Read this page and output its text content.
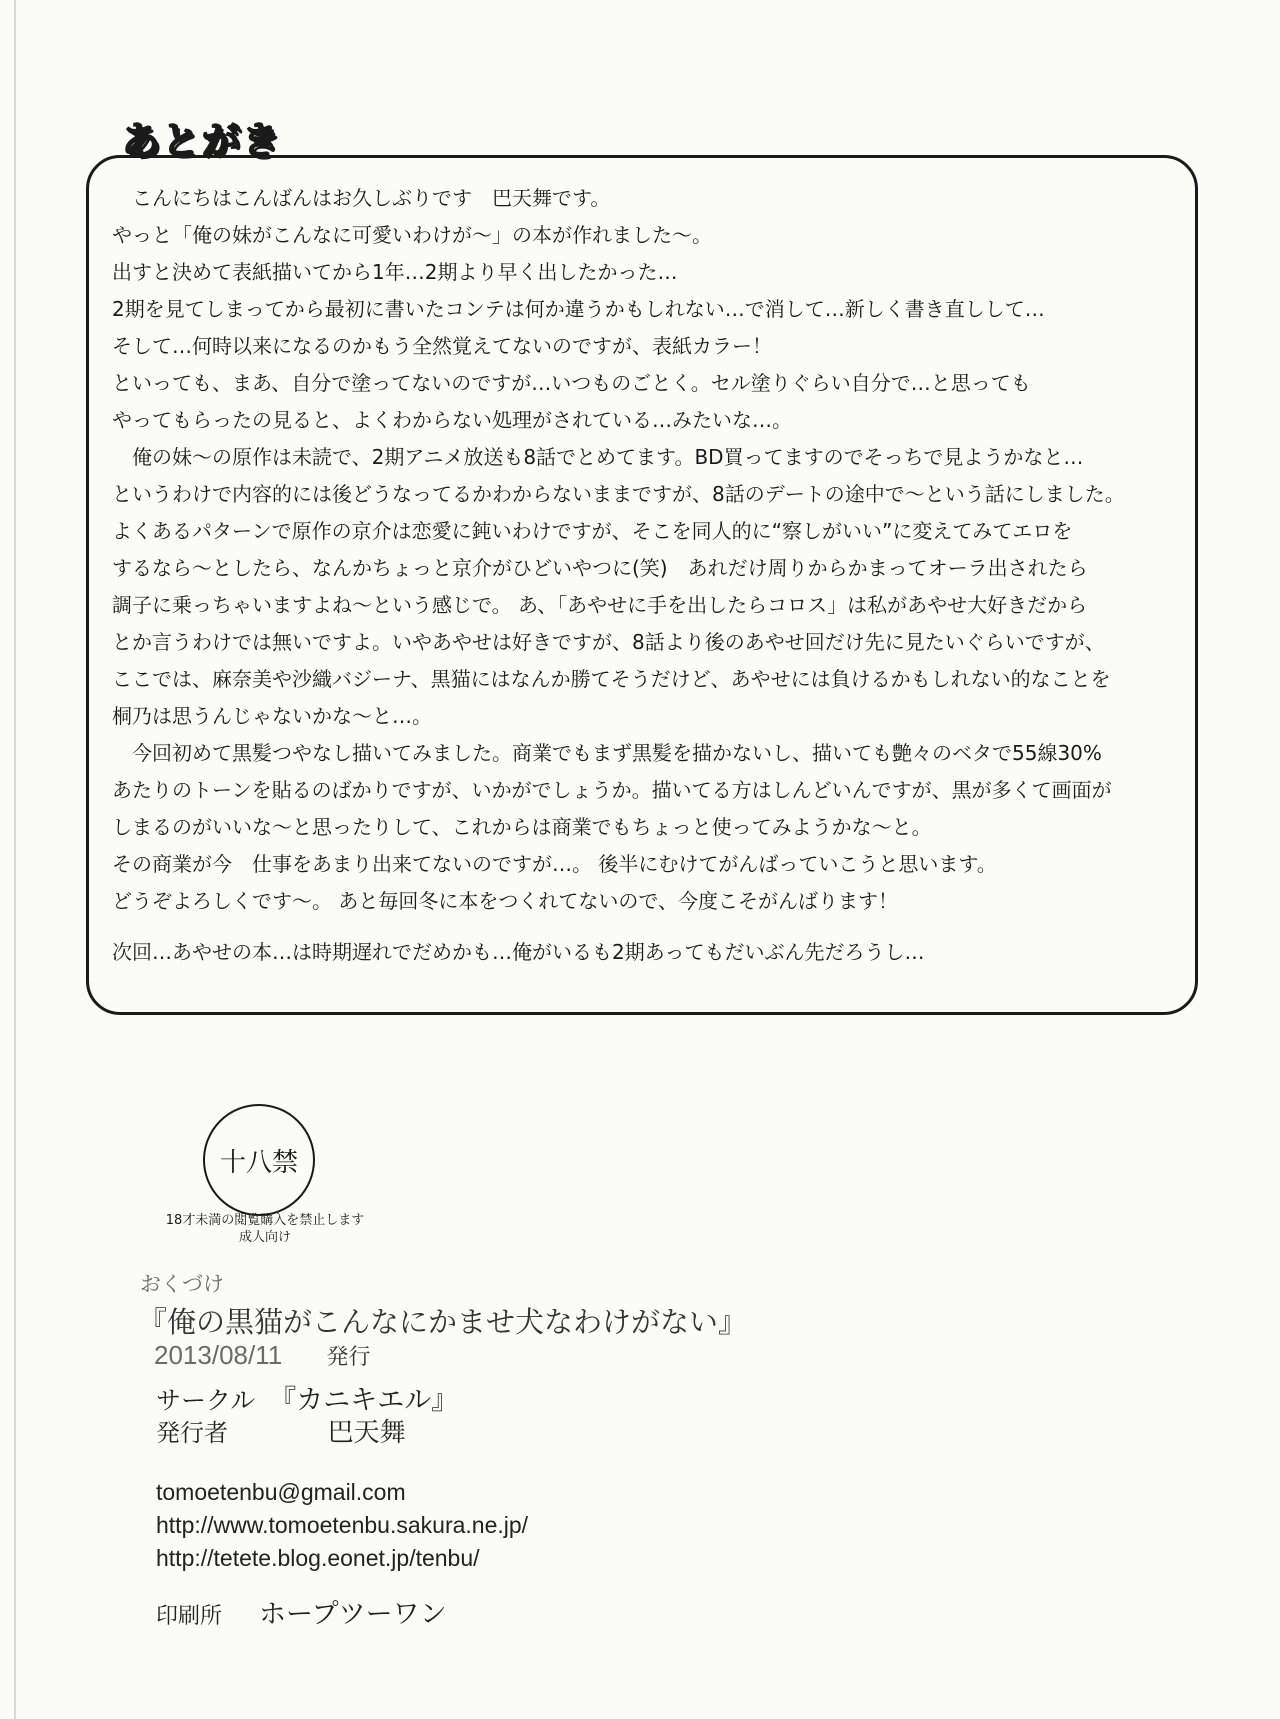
あとがき
こんにちはこんばんはお久しぶりです　巴天舞です。
やっと「俺の妹がこんなに可愛いわけが～」の本が作れました～。
出すと決めて表紙描いてから1年…2期より早く出したかった…
2期を見てしまってから最初に書いたコンテは何か違うかもしれない…で消して…新しく書き直しして…
そして…何時以来になるのかもう全然覚えてないのですが、表紙カラー！
といっても、まあ、自分で塗ってないのですが…いつものごとく。セル塗りぐらい自分で…と思っても
やってもらったの見ると、よくわからない処理がされている…みたいな…。
俺の妹～の原作は未読で、2期アニメ放送も8話でとめてます。BD買ってますのでそっちで見ようかなと…
というわけで内容的には後どうなってるかわからないままですが、8話のデートの途中で～という話にしました。
よくあるパターンで原作の京介は恋愛に鈍いわけですが、そこを同人的に“察しがいい”に変えてみてエロを
するなら～としたら、なんかちょっと京介がひどいやつに(笑)　あれだけ周りからかまってオーラ出されたら
調子に乗っちゃいますよね～という感じで。 あ、「あやせに手を出したらコロス」は私があやせ大好きだから
とか言うわけでは無いですよ。いやあやせは好きですが、8話より後のあやせ回だけ先に見たいぐらいですが、
ここでは、麻奈美や沙織バジーナ、黒猫にはなんか勝てそうだけど、あやせには負けるかもしれない的なことを
桐乃は思うんじゃないかな～と…。
今回初めて黒髪つやなし描いてみました。商業でもまず黒髪を描かないし、描いても艶々のベタで55線30%
あたりのトーンを貼るのばかりですが、いかがでしょうか。描いてる方はしんどいんですが、黒が多くて画面が
しまるのがいいな～と思ったりして、これからは商業でもちょっと使ってみようかな～と。
その商業が今　仕事をあまり出来てないのですが…。 後半にむけてがんばっていこうと思います。
どうぞよろしくです～。 あと毎回冬に本をつくれてないので、今度こそがんばります！
次回…あやせの本…は時期遅れでだめかも…俺がいるも2期あってもだいぶん先だろうし…
十八禁
18才未満の閲覧購入を禁止します
成人向け
おくづけ
『俺の黒猫がこんなにかませ犬なわけがない』
2013/08/11 発行
サークル 『カニキエル』
発行者	巴天舞
tomoetenbu@gmail.com
http://www.tomoetenbu.sakura.ne.jp/
http://tetete.blog.eonet.jp/tenbu/
印刷所 ホープツーワン
